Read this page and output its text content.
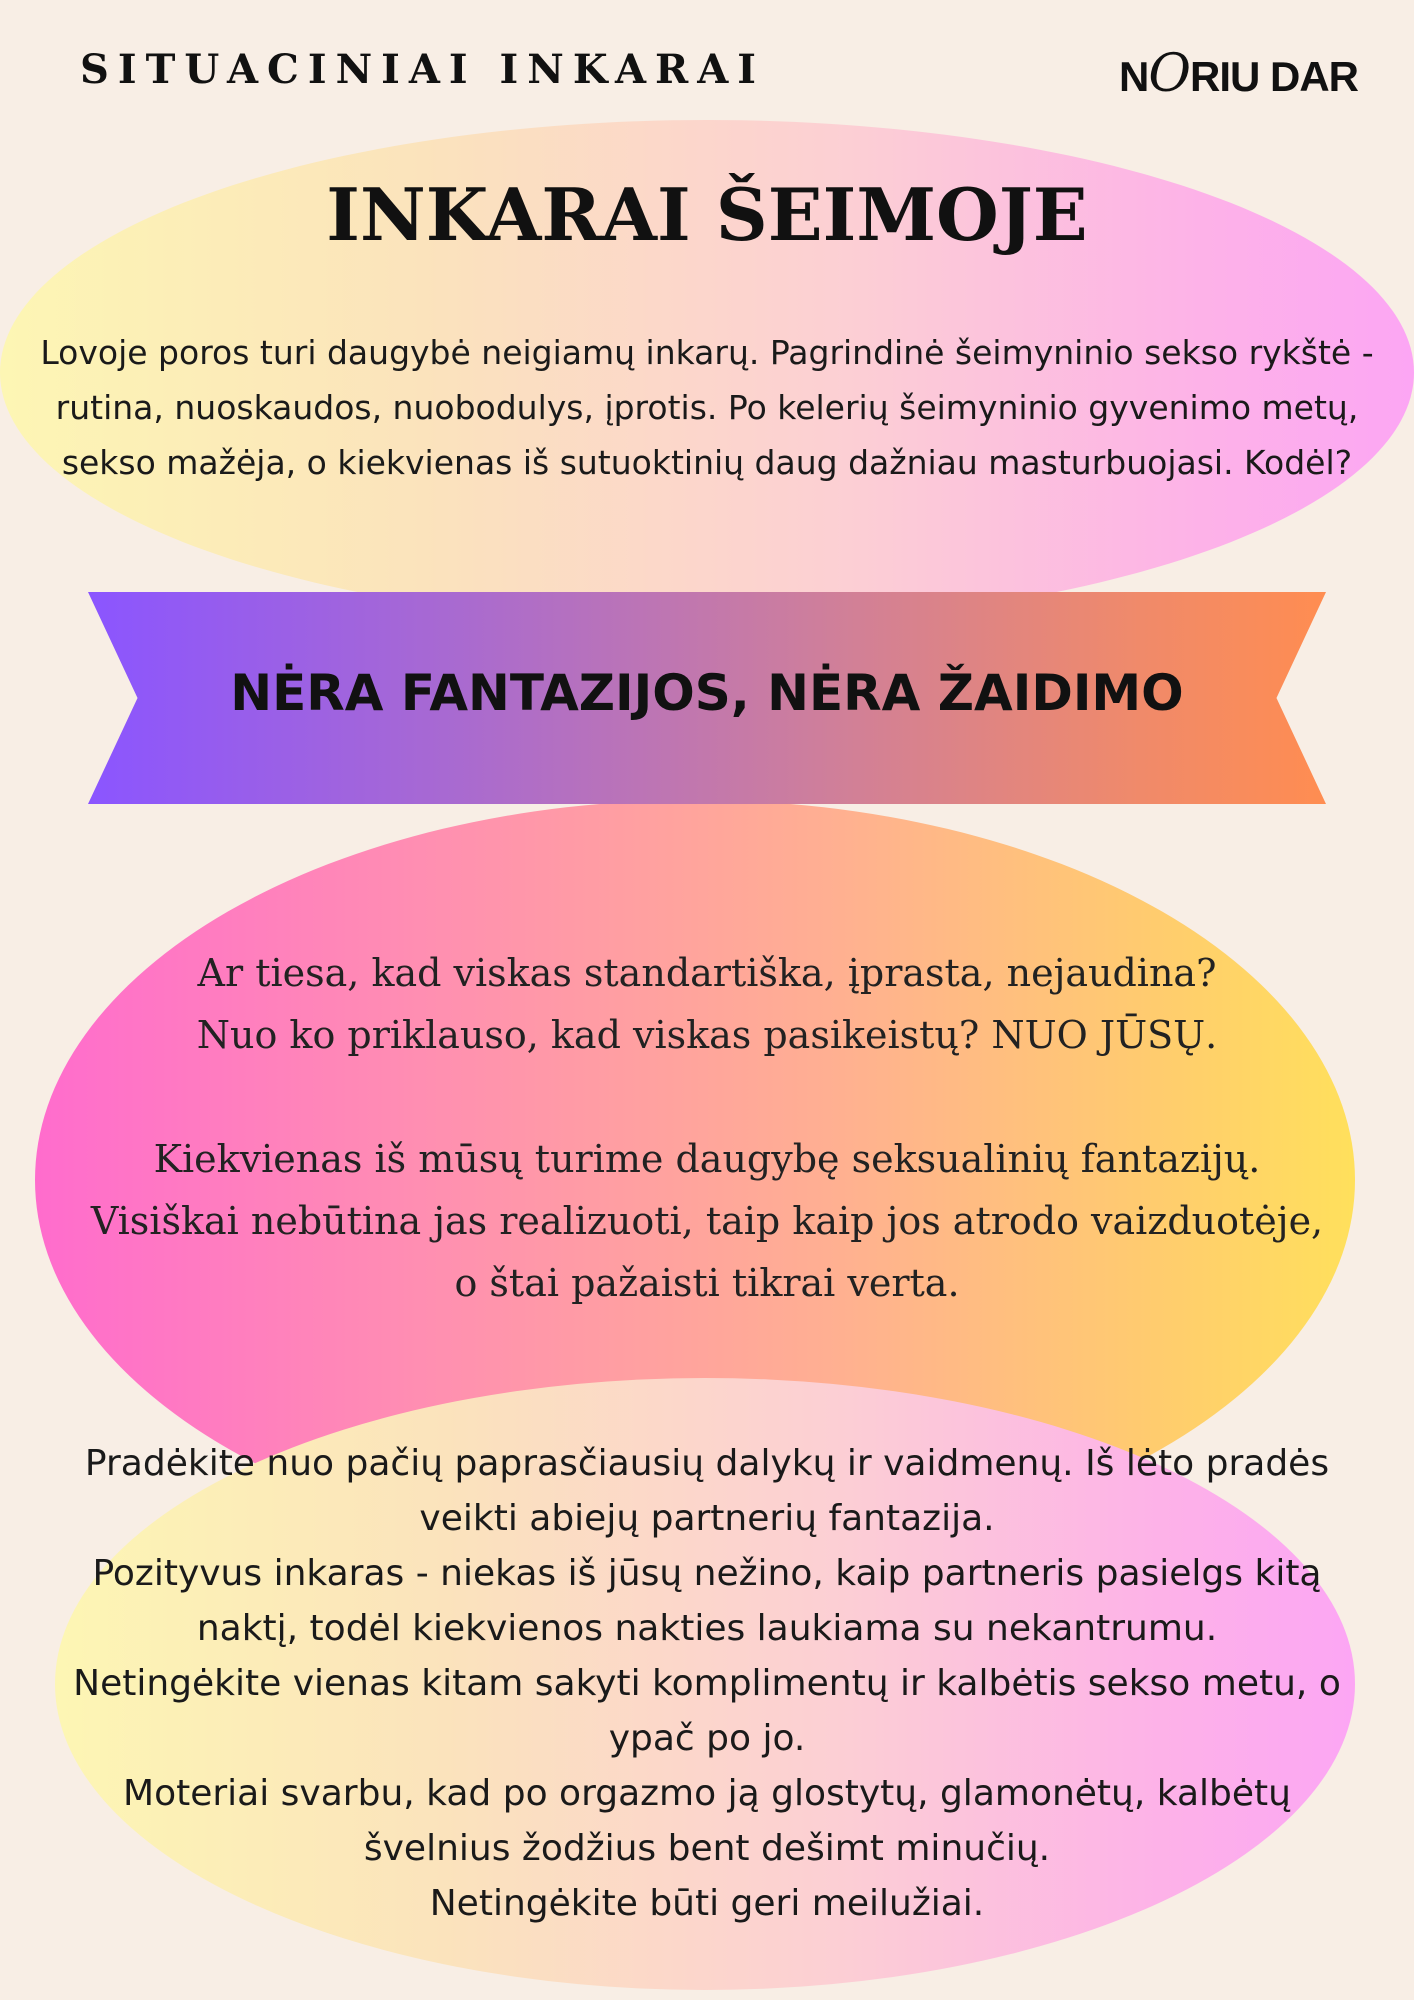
SITUACINIAI INKARAI	NORIU DAR
INKARAI ŠEIMOJE
Lovoje poros turi daugybė neigiamų inkarų. Pagrindinė šeimyninio sekso rykštė - rutina, nuoskaudos, nuobodulys, įprotis. Po kelerių šeimyninio gyvenimo metų, sekso mažėja, o kiekvienas iš sutuoktinių daug dažniau masturbuojasi. Kodėl?
NĖRA FANTAZIJOS, NĖRA ŽAIDIMO

Ar tiesa, kad viskas standartiška, įprasta, nejaudina?

Nuo ko priklauso, kad viskas pasikeistų? NUO JŪSŲ.

Kiekvienas iš mūsų turime daugybę seksualinių fantazijų.

Visiškai nebūtina jas realizuoti, taip kaip jos atrodo vaizduotėje,

o štai pažaisti tikrai verta.

Pradėkite nuo pačių paprasčiausių dalykų ir vaidmenų. Iš lėto pradės veikti abiejų partnerių fantazija.

Pozityvus inkaras - niekas iš jūsų nežino, kaip partneris pasielgs kitą naktį, todėl kiekvienos nakties laukiama su nekantrumu.

Netingėkite vienas kitam sakyti komplimentų ir kalbėtis sekso metu, o ypač po jo.

Moteriai svarbu, kad po orgazmo ją glostytų, glamonėtų, kalbėtų švelnius žodžius bent dešimt minučių.

Netingėkite būti geri meilužiai.
